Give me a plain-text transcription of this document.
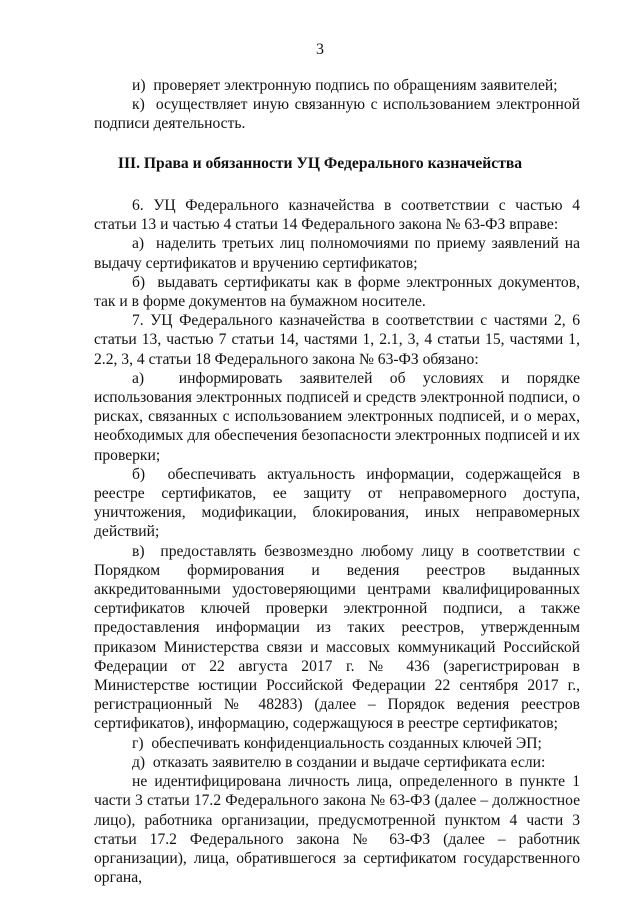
3

и)  проверяет электронную подпись по обращениям заявителей;

к)  осуществляет иную связанную с использованием электронной подписи деятельность.

III. Права и обязанности УЦ Федерального казначейства

6. УЦ Федерального казначейства в соответствии с частью 4 статьи 13 и частью 4 статьи 14 Федерального закона № 63-ФЗ вправе:

а)  наделить третьих лиц полномочиями по приему заявлений на выдачу сертификатов и вручению сертификатов;

б)  выдавать сертификаты как в форме электронных документов, так и в форме документов на бумажном носителе.

7. УЦ Федерального казначейства в соответствии с частями 2, 6 статьи 13, частью 7 статьи 14, частями 1, 2.1, 3, 4 статьи 15, частями 1, 2.2, 3, 4 статьи 18 Федерального закона № 63-ФЗ обязано:

а)  информировать заявителей об условиях и порядке использования электронных подписей и средств электронной подписи, о рисках, связанных с использованием электронных подписей, и о мерах, необходимых для обеспечения безопасности электронных подписей и их проверки;

б)  обеспечивать актуальность информации, содержащейся в реестре сертификатов, ее защиту от неправомерного доступа, уничтожения, модификации, блокирования, иных неправомерных действий;

в)  предоставлять безвозмездно любому лицу в соответствии с Порядком формирования и ведения реестров выданных аккредитованными удостоверяющими центрами квалифицированных сертификатов ключей проверки электронной подписи, а также предоставления информации из таких реестров, утвержденным приказом Министерства связи и массовых коммуникаций Российской Федерации от 22 августа 2017 г. № 436 (зарегистрирован в Министерстве юстиции Российской Федерации 22 сентября 2017 г., регистрационный № 48283) (далее – Порядок ведения реестров сертификатов), информацию, содержащуюся в реестре сертификатов;

г)  обеспечивать конфиденциальность созданных ключей ЭП;

д)  отказать заявителю в создании и выдаче сертификата если:

не идентифицирована личность лица, определенного в пункте 1 части 3 статьи 17.2 Федерального закона № 63-ФЗ (далее – должностное лицо), работника организации, предусмотренной пунктом 4 части 3 статьи 17.2 Федерального закона № 63-ФЗ (далее – работник организации), лица, обратившегося за сертификатом государственного органа,
